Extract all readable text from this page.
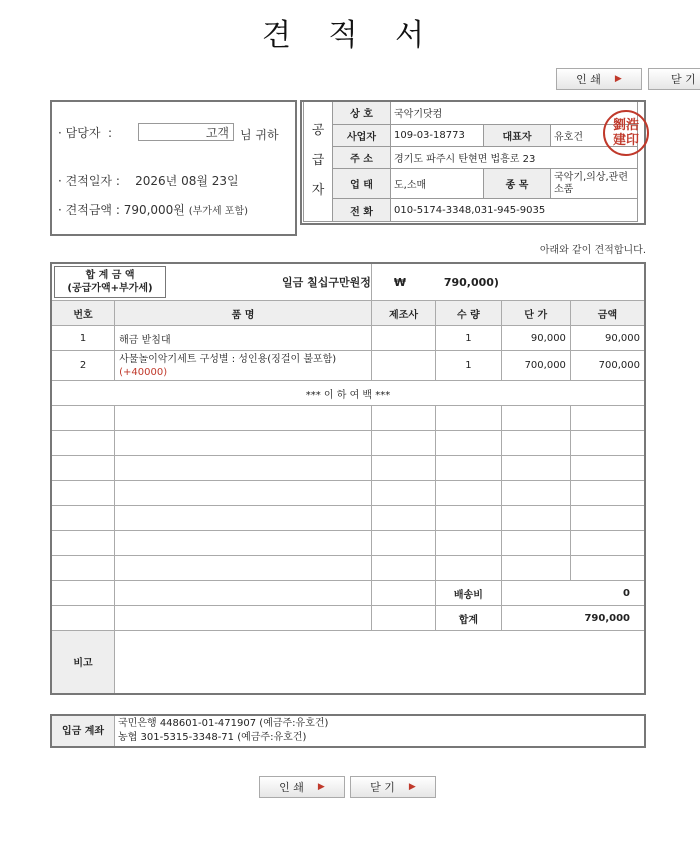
견 적 서
인 쇄 ▶	닫 기
· 담당자  :
고객	님 귀하
· 견적일자 :    2026년 08월 23일
· 견적금액 : 790,000원 (부가세 포함)
공
급
자	상 호	국악기닷컴		
	사업자	109-03-18773	대표자	유호건
	주 소	경기도 파주시 탄현면 법흥로 23		
	업 태	도,소매	종 목	국악기,의상,관련소품
	전 화	010-5174-3348,031-945-9035		
劉浩建印
아래와 같이 견적합니다.
합 계 금 액
(공급가액+부가세) 일금 칠십구만원정		₩ 790,000)			
번호	품 명	제조사	수 량	단 가	금액
1	해금 받침대		1	90,000	90,000
2	사물놀이악기세트 구성별 : 성인용(징걸이 불포함)(+40000)		1	700,000	700,000
*** 이 하 여 백 ***					

			배송비	0	
			합계	790,000	
비고					
입금 계좌	국민은행 448601-01-471907 (예금주:유호건)
농협 301-5315-3348-71 (예금주:유호건)
인 쇄 ▶	닫 기 ▶
